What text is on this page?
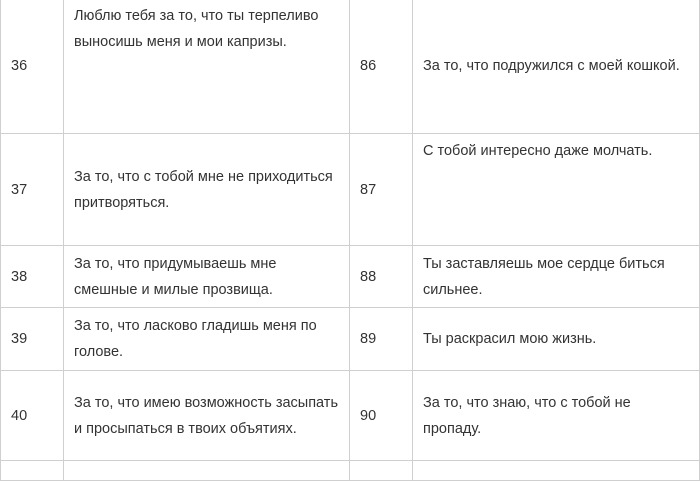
36	Люблю тебя за то, что ты терпеливо выносишь меня и мои капризы.	86	За то, что подружился с моей кошкой.
37	За то, что с тобой мне не приходиться притворяться.	87	С тобой интересно даже молчать.
38	За то, что придумываешь мне смешные и милые прозвища.	88	Ты заставляешь мое сердце биться сильнее.
39	За то, что ласково гладишь меня по голове.	89	Ты раскрасил мою жизнь.
40	За то, что имею возможность засыпать и просыпаться в твоих объятиях.	90	За то, что знаю, что с тобой не пропаду.
